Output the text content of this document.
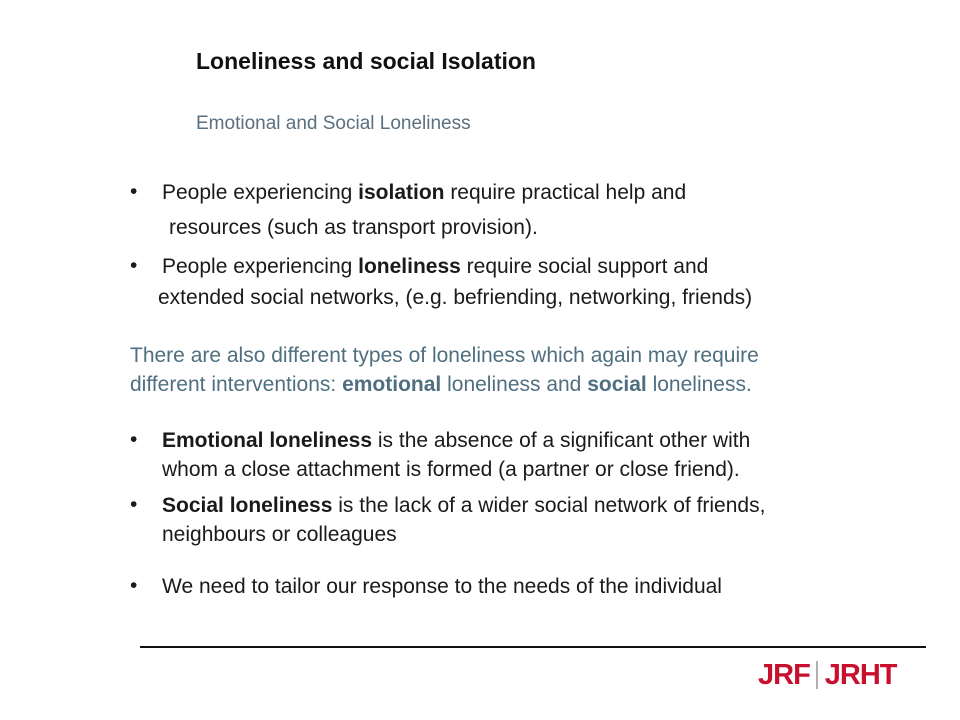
Loneliness and social Isolation
Emotional and Social Loneliness
• People experiencing isolation require practical help and
resources (such as transport provision).
• People experiencing loneliness require social support and
extended social networks, (e.g. befriending, networking, friends)
There are also different types of loneliness which again may require
different interventions: emotional loneliness and social loneliness.
• Emotional loneliness is the absence of a significant other with
whom a close attachment is formed (a partner or close friend).
• Social loneliness is the lack of a wider social network of friends,
neighbours or colleagues
• We need to tailor our response to the needs of the individual
JRF JRHT
